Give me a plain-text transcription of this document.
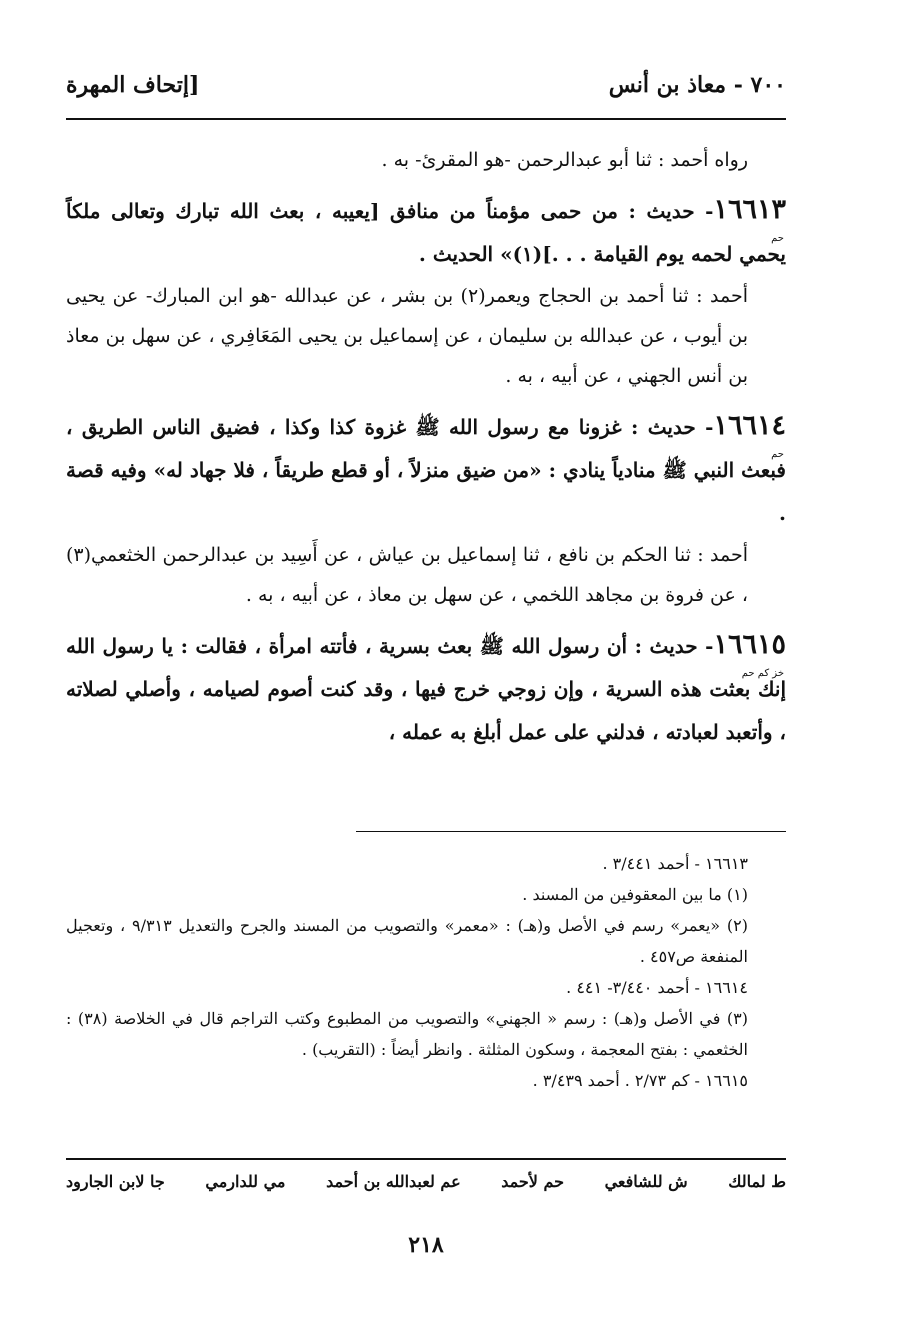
٧٠٠ - معاذ بن أنس
[إتحاف المهرة

رواه أحمد : ثنا أبو عبدالرحمن -هو المقرئ- به .

١٦٦١٣
حم
- حديث : من حمى مؤمناً من منافق [يعيبه ، بعث الله تبارك وتعالى ملكاً يحمي لحمه يوم القيامة . . .](١)» الحديث .

أحمد : ثنا أحمد بن الحجاج ويعمر(٢) بن بشر ، عن عبدالله -هو ابن المبارك- عن يحيى بن أيوب ، عن عبدالله بن سليمان ، عن إسماعيل بن يحيى المَعَافِري ، عن سهل بن معاذ بن أنس الجهني ، عن أبيه ، به .

١٦٦١٤
حم
- حديث : غزونا مع رسول الله ﷺ غزوة كذا وكذا ، فضيق الناس الطريق ، فبعث النبي ﷺ منادياً ينادي : «من ضيق منزلاً ، أو قطع طريقاً ، فلا جهاد له» وفيه قصة .

أحمد : ثنا الحكم بن نافع ، ثنا إسماعيل بن عياش ، عن أَسِيد بن عبدالرحمن الخثعمي(٣) ، عن فروة بن مجاهد اللخمي ، عن سهل بن معاذ ، عن أبيه ، به .

١٦٦١٥
خز كم حم
- حديث : أن رسول الله ﷺ بعث بسرية ، فأتته امرأة ، فقالت : يا رسول الله إنك بعثت هذه السرية ، وإن زوجي خرج فيها ، وقد كنت أصوم لصيامه ، وأصلي لصلاته ، وأتعبد لعبادته ، فدلني على عمل أبلغ به عمله ،

١٦٦١٣ - أحمد ٣/٤٤١ .

(١) ما بين المعقوفين من المسند .

(٢) «يعمر» رسم في الأصل و(هـ) : «معمر» والتصويب من المسند والجرح والتعديل ٩/٣١٣ ، وتعجيل المنفعة ص٤٥٧ .

١٦٦١٤ - أحمد ٣/٤٤٠- ٤٤١ .

(٣) في الأصل و(هـ) : رسم « الجهني» والتصويب من المطبوع وكتب التراجم قال في الخلاصة (٣٨) : الخثعمي : بفتح المعجمة ، وسكون المثلثة . وانظر أيضاً : (التقريب) .

١٦٦١٥ - كم ٢/٧٣ . أحمد ٣/٤٣٩ .

ط لمالك
ش للشافعي
حم لأحمد
عم لعبدالله بن أحمد
مي للدارمي
جا لابن الجارود
٢١٨
